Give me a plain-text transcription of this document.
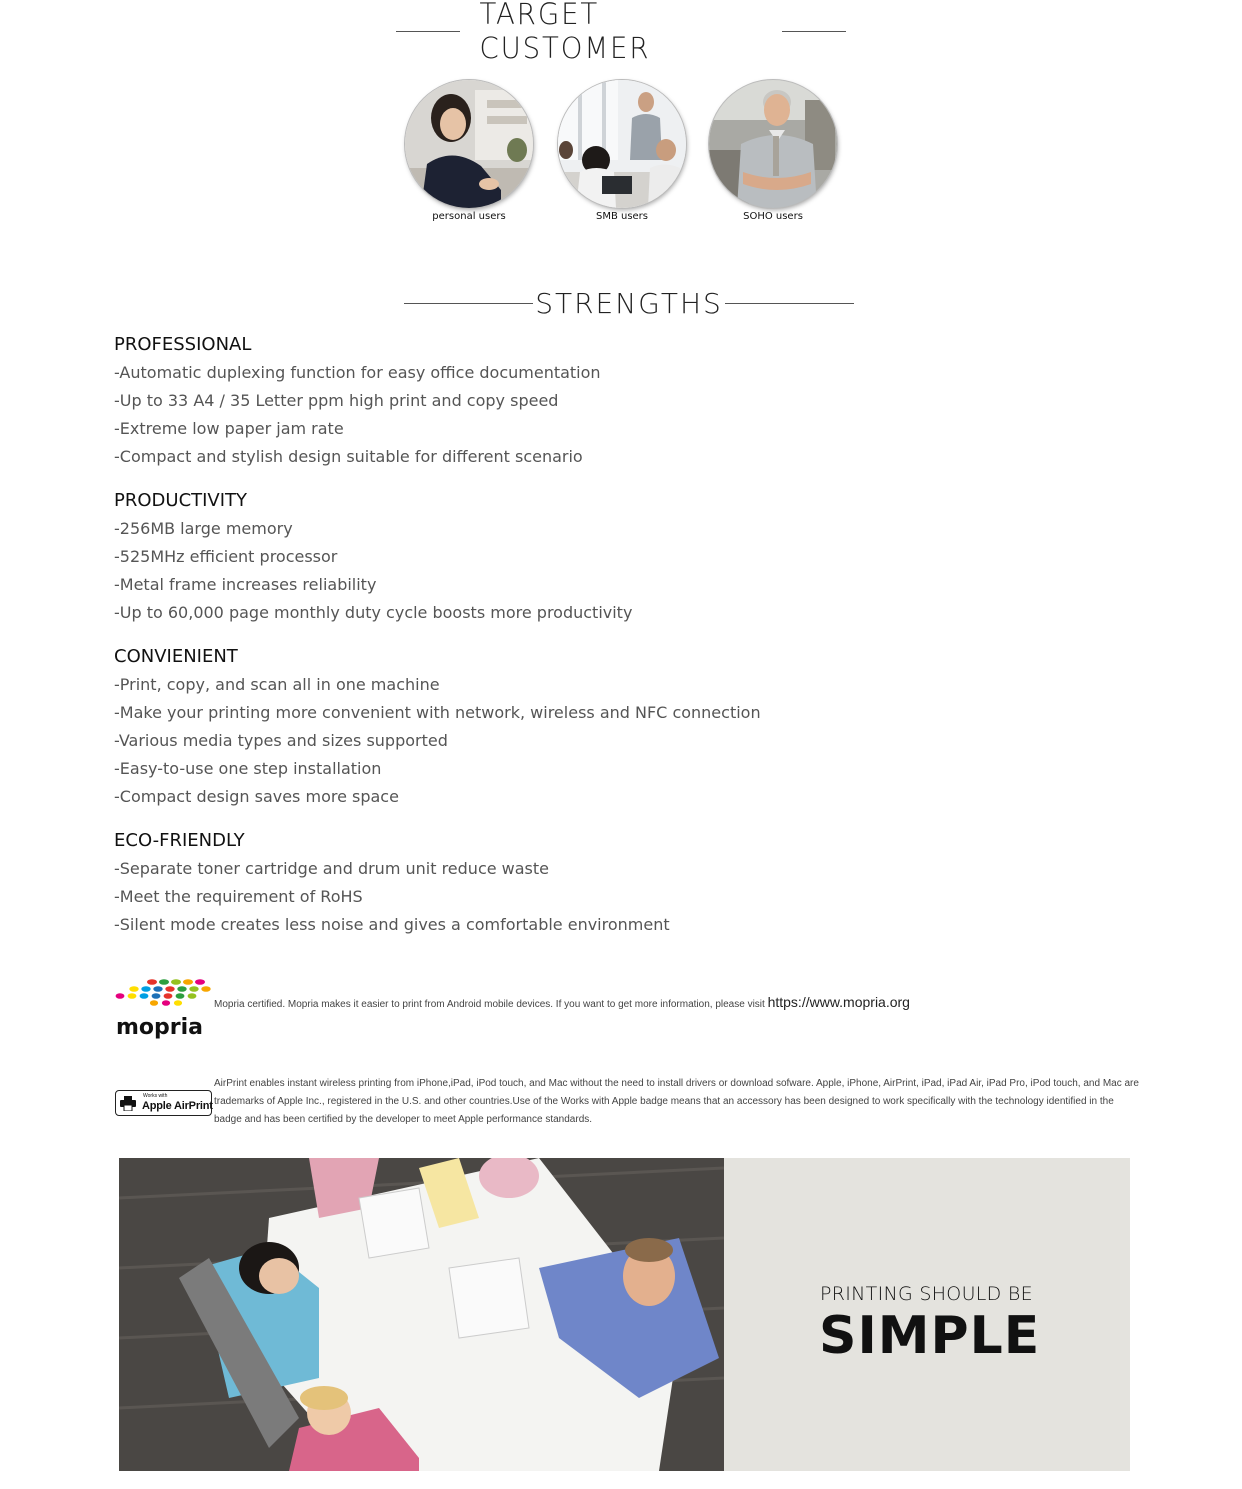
TARGET CUSTOMER
personal users	SMB users	SOHO users
STRENGTHS
PROFESSIONAL
-Automatic duplexing function for easy office documentation
-Up to 33 A4 / 35 Letter ppm high print and copy speed
-Extreme low paper jam rate
-Compact and stylish design suitable for different scenario
PRODUCTIVITY
-256MB large memory
-525MHz efficient processor
-Metal frame increases reliability
-Up to 60,000 page monthly duty cycle boosts more productivity
CONVIENIENT
-Print, copy, and scan all in one machine
-Make your printing more convenient with network, wireless and NFC connection
-Various media types and sizes supported
-Easy-to-use one step installation
-Compact design saves more space
ECO-FRIENDLY
-Separate toner cartridge and drum unit reduce waste
-Meet the requirement of RoHS
-Silent mode creates less noise and gives a comfortable environment
mopria
Mopria certified. Mopria makes it easier to print from Android mobile devices. If you want to get more information, please visit https://www.mopria.org
Works with
Apple AirPrint
AirPrint enables instant wireless printing from iPhone,iPad, iPod touch, and Mac without the need to install drivers or download sofware. Apple, iPhone, AirPrint, iPad, iPad Air, iPad Pro, iPod touch, and Mac are trademarks of Apple Inc., registered in the U.S. and other countries.Use of the Works with Apple badge means that an accessory has been designed to work specifically with the technology identified in the badge and has been certified by the developer to meet Apple performance standards.
PRINTING SHOULD BE
SIMPLE
